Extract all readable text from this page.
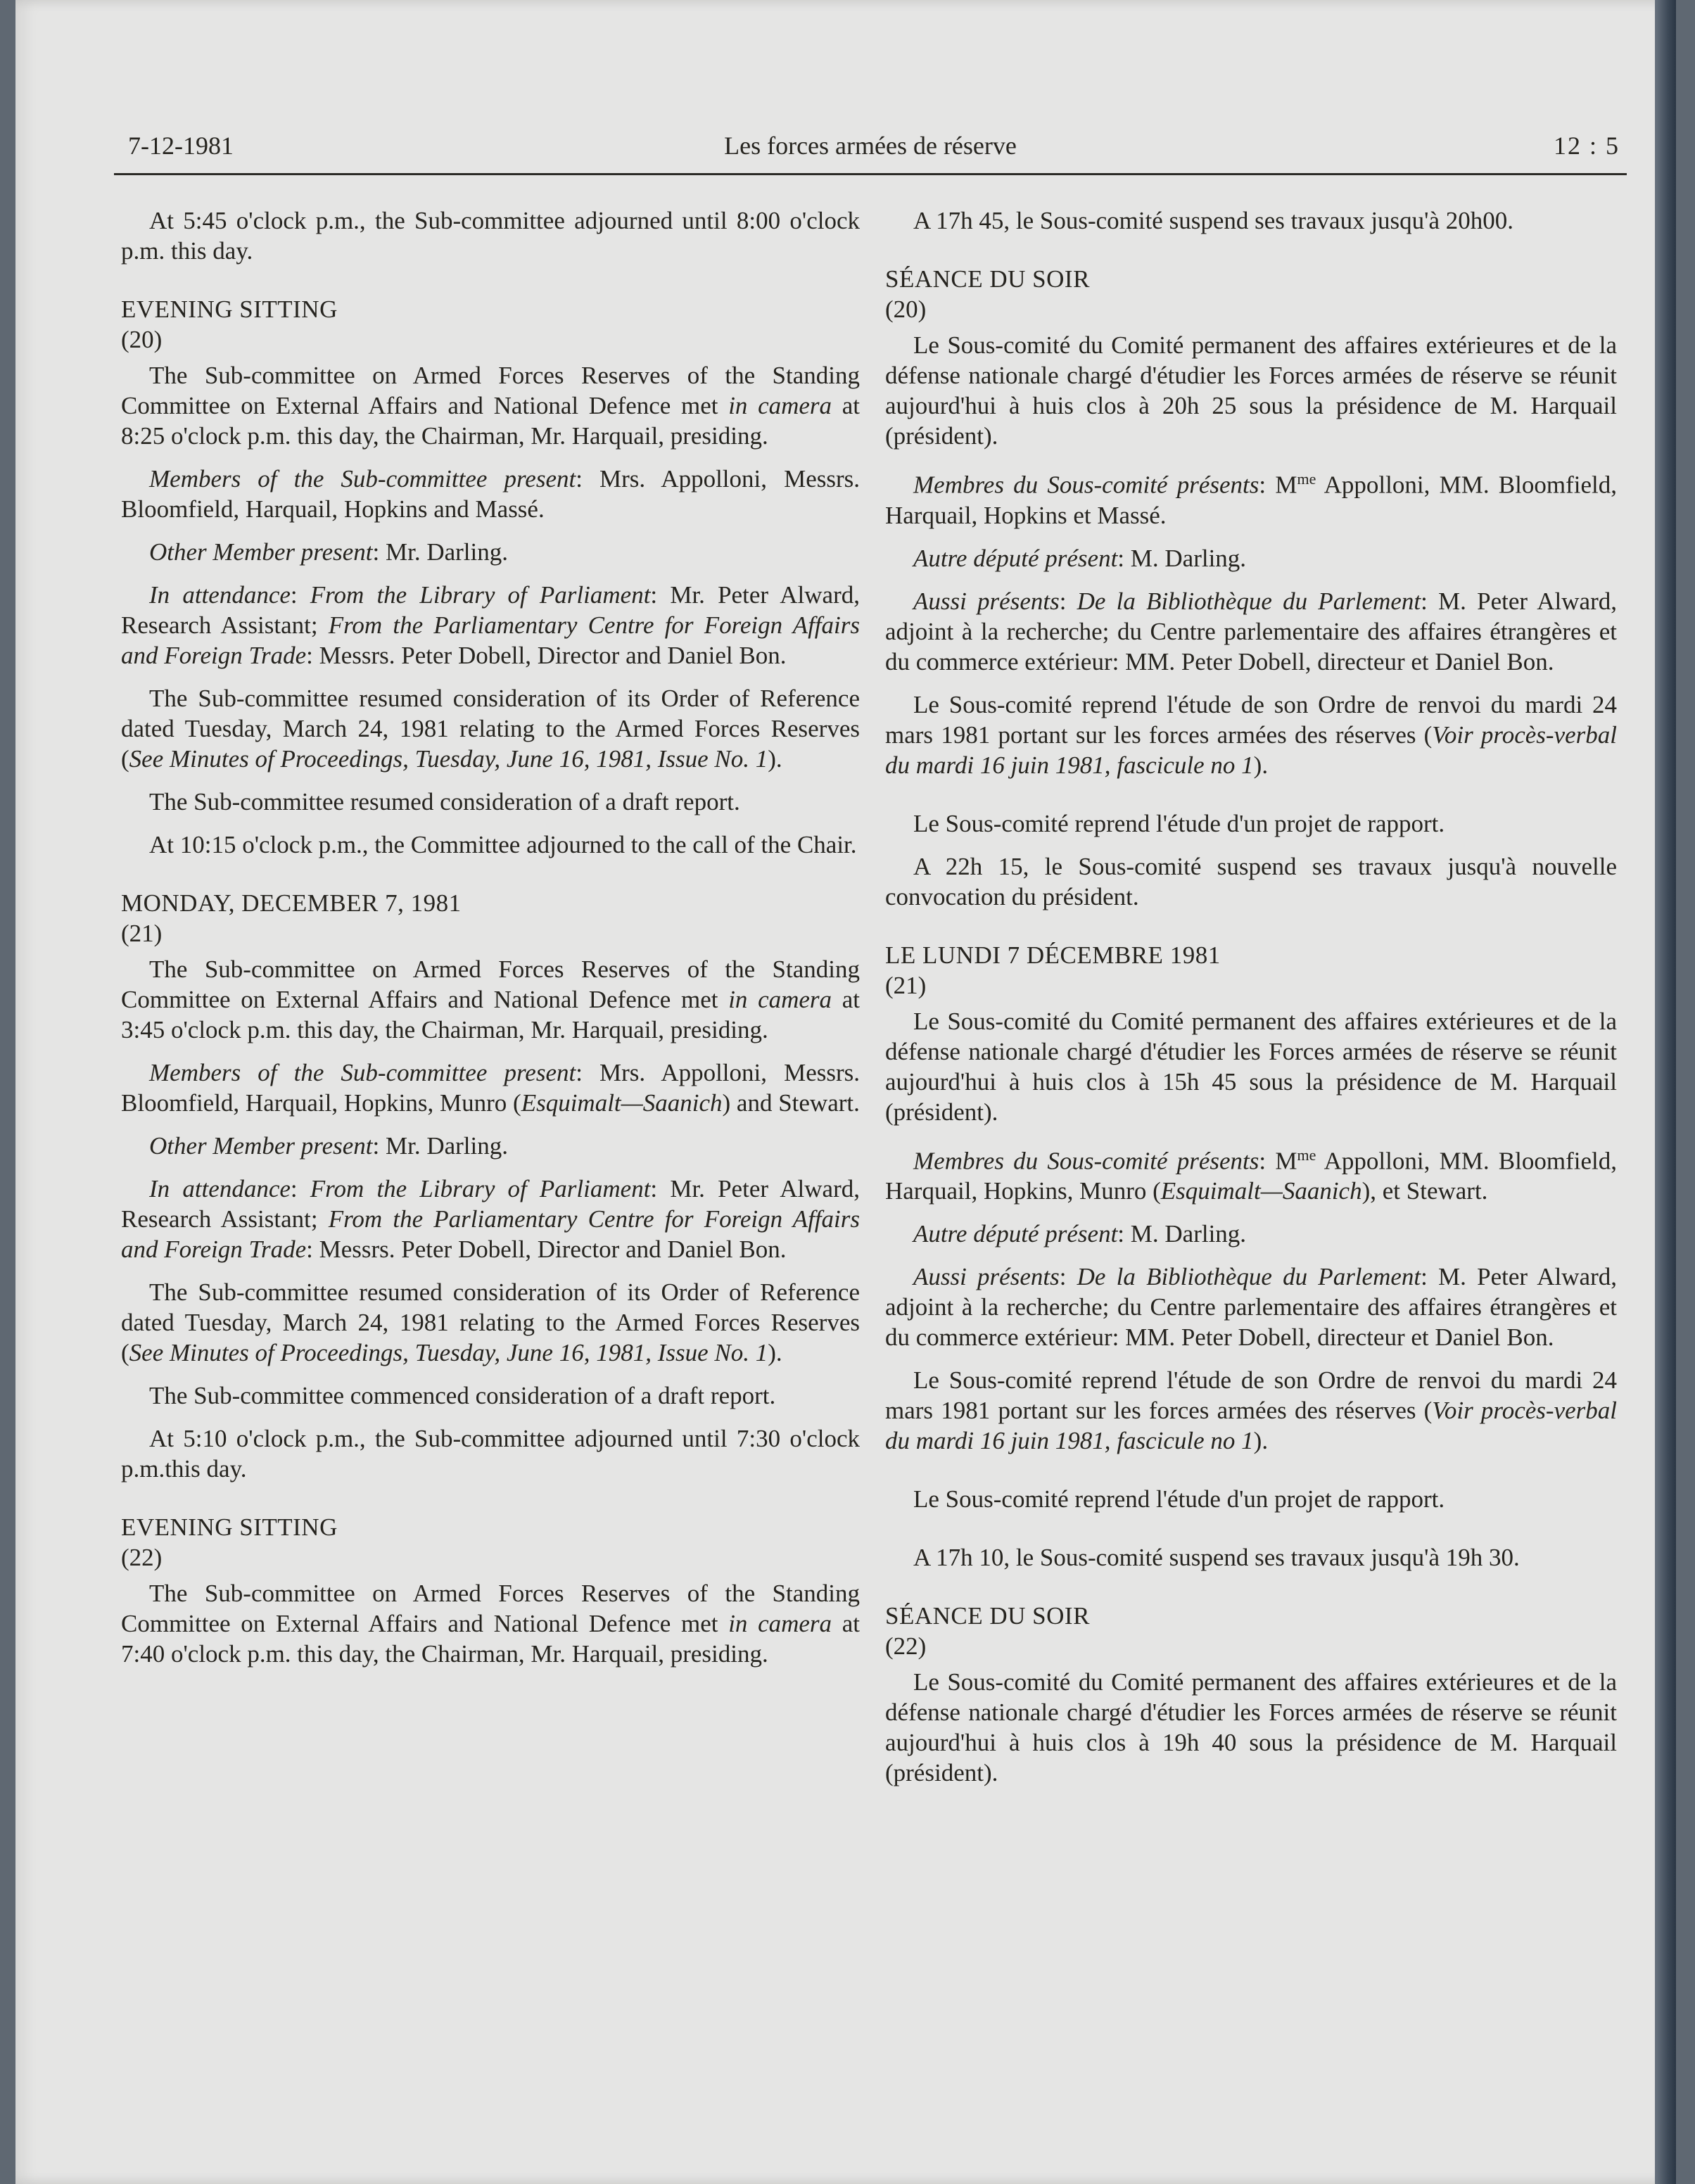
7-12-1981	Les forces armées de réserve	12 : 5

At 5:45 o'clock p.m., the Sub-committee adjourned until 8:00 o'clock p.m. this day.

EVENING SITTING

(20)

The Sub-committee on Armed Forces Reserves of the Standing Committee on External Affairs and National Defence met in camera at 8:25 o'clock p.m. this day, the Chairman, Mr. Harquail, presiding.

Members of the Sub-committee present: Mrs. Appolloni, Messrs. Bloomfield, Harquail, Hopkins and Massé.

Other Member present: Mr. Darling.

In attendance: From the Library of Parliament: Mr. Peter Alward, Research Assistant; From the Parliamentary Centre for Foreign Affairs and Foreign Trade: Messrs. Peter Dobell, Director and Daniel Bon.

The Sub-committee resumed consideration of its Order of Reference dated Tuesday, March 24, 1981 relating to the Armed Forces Reserves (See Minutes of Proceedings, Tuesday, June 16, 1981, Issue No. 1).

The Sub-committee resumed consideration of a draft report.

At 10:15 o'clock p.m., the Committee adjourned to the call of the Chair.

MONDAY, DECEMBER 7, 1981

(21)

The Sub-committee on Armed Forces Reserves of the Standing Committee on External Affairs and National Defence met in camera at 3:45 o'clock p.m. this day, the Chairman, Mr. Harquail, presiding.

Members of the Sub-committee present: Mrs. Appolloni, Messrs. Bloomfield, Harquail, Hopkins, Munro (Esquimalt—Saanich) and Stewart.

Other Member present: Mr. Darling.

In attendance: From the Library of Parliament: Mr. Peter Alward, Research Assistant; From the Parliamentary Centre for Foreign Affairs and Foreign Trade: Messrs. Peter Dobell, Director and Daniel Bon.

The Sub-committee resumed consideration of its Order of Reference dated Tuesday, March 24, 1981 relating to the Armed Forces Reserves (See Minutes of Proceedings, Tuesday, June 16, 1981, Issue No. 1).

The Sub-committee commenced consideration of a draft report.

At 5:10 o'clock p.m., the Sub-committee adjourned until 7:30 o'clock p.m.this day.

EVENING SITTING

(22)

The Sub-committee on Armed Forces Reserves of the Standing Committee on External Affairs and National Defence met in camera at 7:40 o'clock p.m. this day, the Chairman, Mr. Harquail, presiding.

A 17h 45, le Sous-comité suspend ses travaux jusqu'à 20h00.

SÉANCE DU SOIR

(20)

Le Sous-comité du Comité permanent des affaires extérieures et de la défense nationale chargé d'étudier les Forces armées de réserve se réunit aujourd'hui à huis clos à 20h 25 sous la présidence de M. Harquail (président).

Membres du Sous-comité présents: $M^{me}$ Appolloni, MM. Bloomfield, Harquail, Hopkins et Massé.

Autre député présent: M. Darling.

Aussi présents: De la Bibliothèque du Parlement: M. Peter Alward, adjoint à la recherche; du Centre parlementaire des affaires étrangères et du commerce extérieur: MM. Peter Dobell, directeur et Daniel Bon.

Le Sous-comité reprend l'étude de son Ordre de renvoi du mardi 24 mars 1981 portant sur les forces armées des réserves (Voir procès-verbal du mardi 16 juin 1981, fascicule no 1).

Le Sous-comité reprend l'étude d'un projet de rapport.

A 22h 15, le Sous-comité suspend ses travaux jusqu'à nouvelle convocation du président.

LE LUNDI 7 DÉCEMBRE 1981

(21)

Le Sous-comité du Comité permanent des affaires extérieures et de la défense nationale chargé d'étudier les Forces armées de réserve se réunit aujourd'hui à huis clos à 15h 45 sous la présidence de M. Harquail (président).

Membres du Sous-comité présents: $M^{me}$ Appolloni, MM. Bloomfield, Harquail, Hopkins, Munro (Esquimalt—Saanich), et Stewart.

Autre député présent: M. Darling.

Aussi présents: De la Bibliothèque du Parlement: M. Peter Alward, adjoint à la recherche; du Centre parlementaire des affaires étrangères et du commerce extérieur: MM. Peter Dobell, directeur et Daniel Bon.

Le Sous-comité reprend l'étude de son Ordre de renvoi du mardi 24 mars 1981 portant sur les forces armées des réserves (Voir procès-verbal du mardi 16 juin 1981, fascicule no 1).

Le Sous-comité reprend l'étude d'un projet de rapport.

A 17h 10, le Sous-comité suspend ses travaux jusqu'à 19h 30.

SÉANCE DU SOIR

(22)

Le Sous-comité du Comité permanent des affaires extérieures et de la défense nationale chargé d'étudier les Forces armées de réserve se réunit aujourd'hui à huis clos à 19h 40 sous la présidence de M. Harquail (président).
